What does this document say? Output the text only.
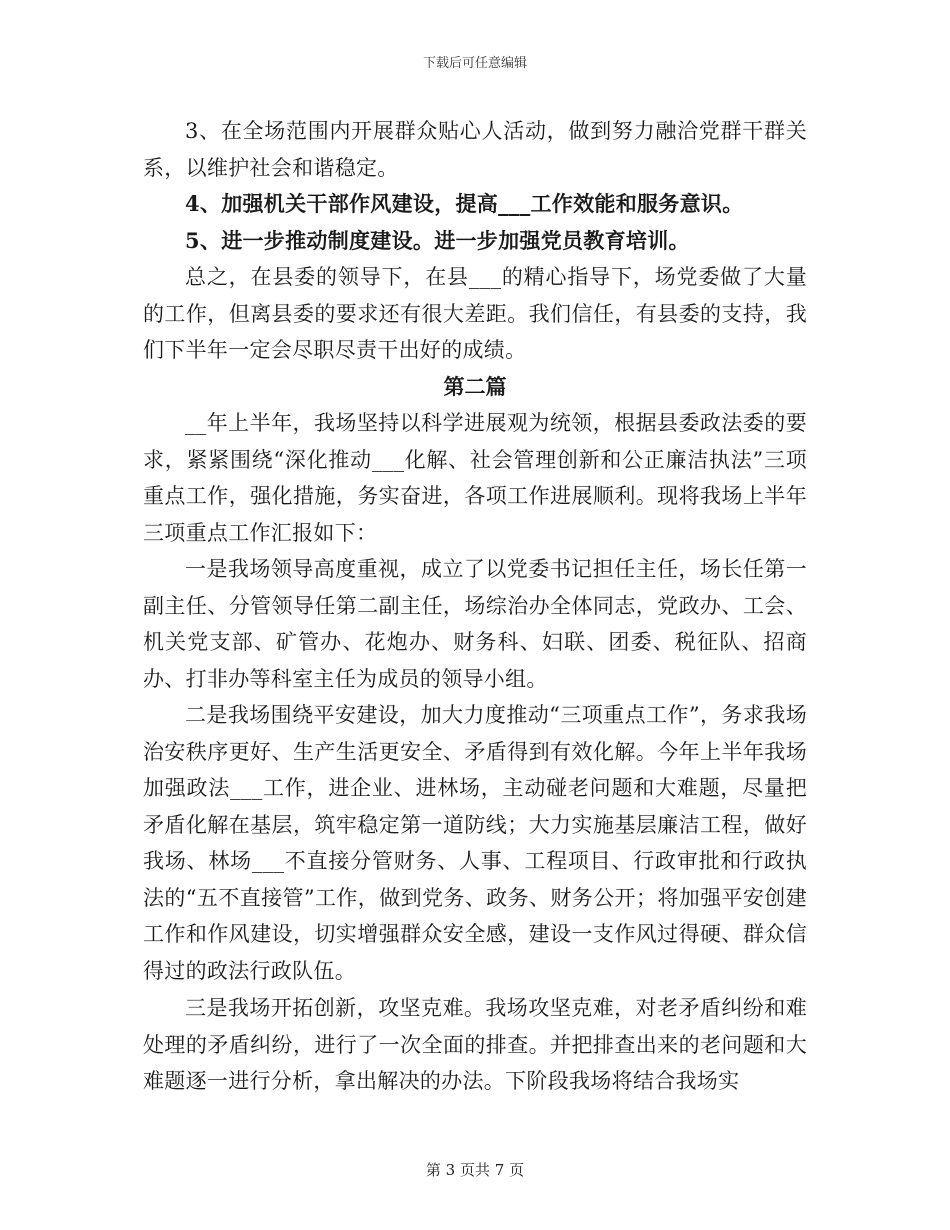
下载后可任意编辑

3、在全场范围内开展群众贴心人活动，做到努力融洽党群干群关系，以维护社会和谐稳定。

4、加强机关干部作风建设，提高___工作效能和服务意识。

5、进一步推动制度建设。进一步加强党员教育培训。

总之，在县委的领导下，在县___的精心指导下，场党委做了大量的工作，但离县委的要求还有很大差距。我们信任，有县委的支持，我们下半年一定会尽职尽责干出好的成绩。

第二篇

__年上半年，我场坚持以科学进展观为统领，根据县委政法委的要求，紧紧围绕“深化推动___化解、社会管理创新和公正廉洁执法”三项重点工作，强化措施，务实奋进，各项工作进展顺利。现将我场上半年三项重点工作汇报如下：

一是我场领导高度重视，成立了以党委书记担任主任，场长任第一副主任、分管领导任第二副主任，场综治办全体同志，党政办、工会、机关党支部、矿管办、花炮办、财务科、妇联、团委、税征队、招商办、打非办等科室主任为成员的领导小组。

二是我场围绕平安建设，加大力度推动“三项重点工作”，务求我场治安秩序更好、生产生活更安全、矛盾得到有效化解。今年上半年我场加强政法___工作，进企业、进林场，主动碰老问题和大难题，尽量把矛盾化解在基层，筑牢稳定第一道防线；大力实施基层廉洁工程，做好我场、林场___不直接分管财务、人事、工程项目、行政审批和行政执法的“五不直接管”工作，做到党务、政务、财务公开；将加强平安创建工作和作风建设，切实增强群众安全感，建设一支作风过得硬、群众信得过的政法行政队伍。

三是我场开拓创新，攻坚克难。我场攻坚克难，对老矛盾纠纷和难处理的矛盾纠纷，进行了一次全面的排查。并把排查出来的老问题和大难题逐一进行分析，拿出解决的办法。下阶段我场将结合我场实

第 3 页共 7 页
